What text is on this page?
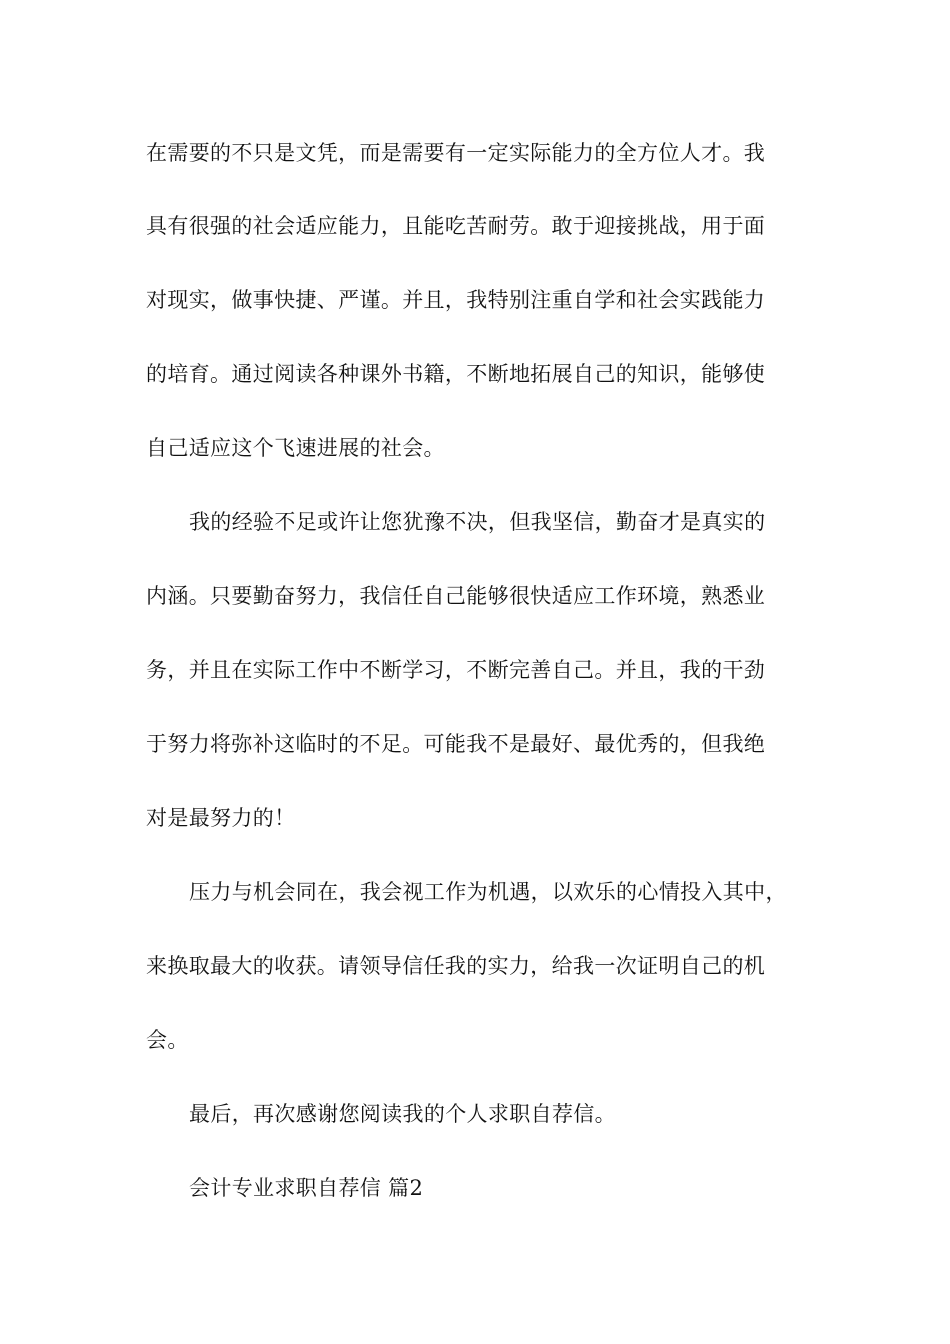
在需要的不只是文凭，而是需要有一定实际能力的全方位人才。我
具有很强的社会适应能力，且能吃苦耐劳。敢于迎接挑战，用于面
对现实，做事快捷、严谨。并且，我特别注重自学和社会实践能力
的培育。通过阅读各种课外书籍，不断地拓展自己的知识，能够使
自己适应这个飞速进展的社会。
我的经验不足或许让您犹豫不决，但我坚信，勤奋才是真实的
内涵。只要勤奋努力，我信任自己能够很快适应工作环境，熟悉业
务，并且在实际工作中不断学习，不断完善自己。并且，我的干劲
于努力将弥补这临时的不足。可能我不是最好、最优秀的，但我绝
对是最努力的！
压力与机会同在，我会视工作为机遇，以欢乐的心情投入其中，
来换取最大的收获。请领导信任我的实力，给我一次证明自己的机
会。
最后，再次感谢您阅读我的个人求职自荐信。
会计专业求职自荐信 篇2
